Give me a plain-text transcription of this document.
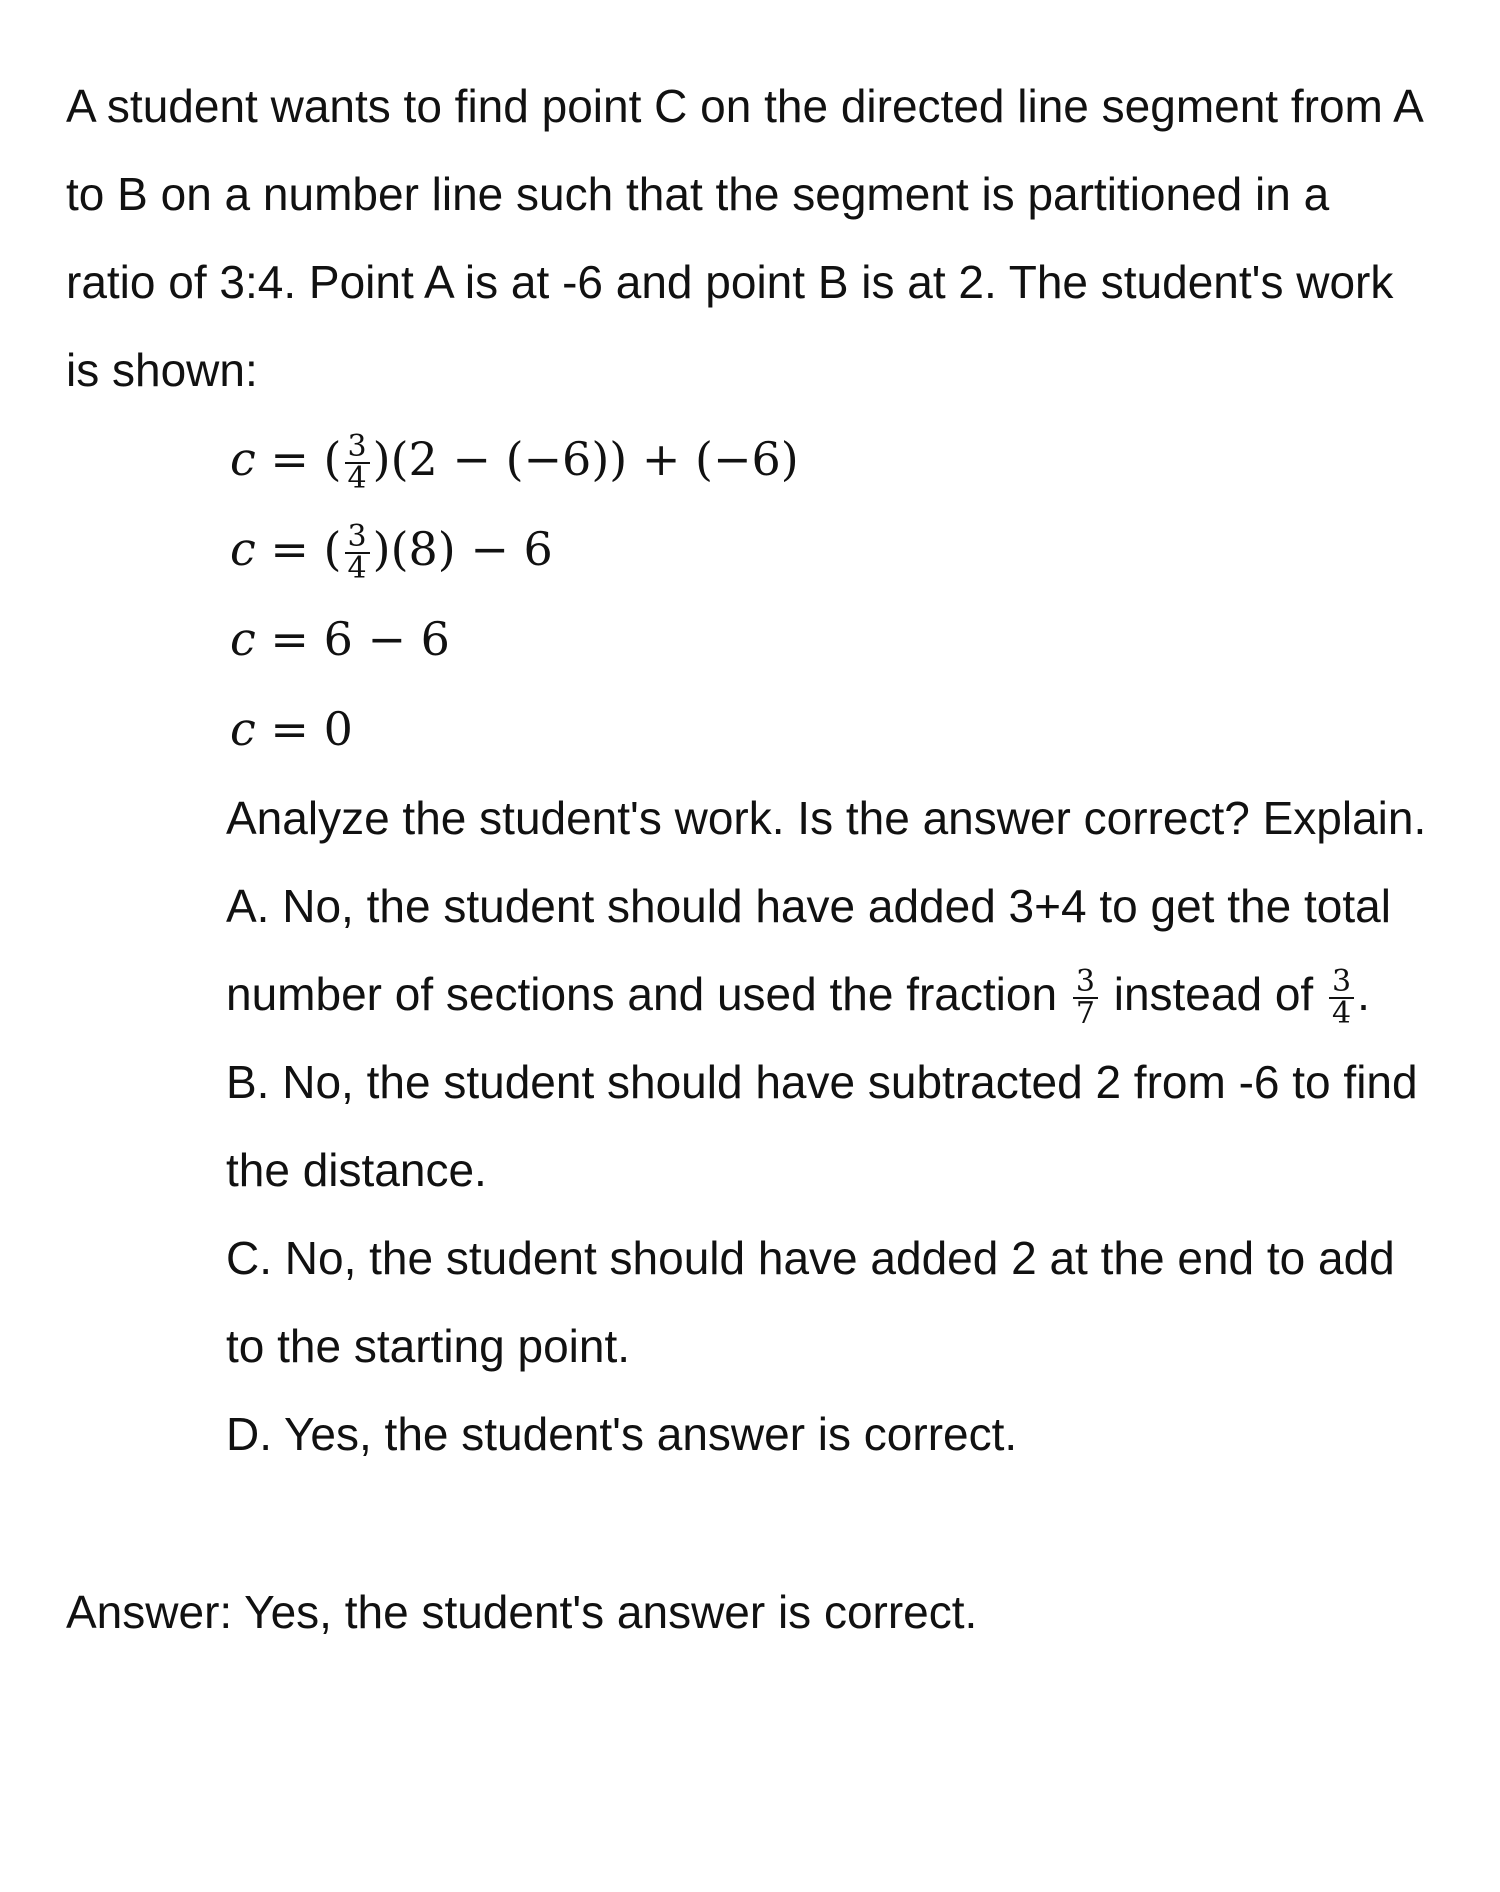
A student wants to find point C on the directed line segment from A to B on a number line such that the segment is partitioned in a ratio of 3:4. Point A is at -6 and point B is at 2. The student's work is shown:

c = ( $\frac{3}{4} )(2 - (-6)) + (-6)$
c = ( $\frac{3}{4} )(8) - 6$
c = 6 − 6
c = 0

Analyze the student's work. Is the answer correct? Explain.

A. No, the student should have added 3+4 to get the total number of sections and used the fraction $\frac{3}{7}$ instead of $\frac{3}{4}$ .

B. No, the student should have subtracted 2 from -6 to find the distance.

C. No, the student should have added 2 at the end to add to the starting point.

D. Yes, the student's answer is correct.

Answer: Yes, the student's answer is correct.
